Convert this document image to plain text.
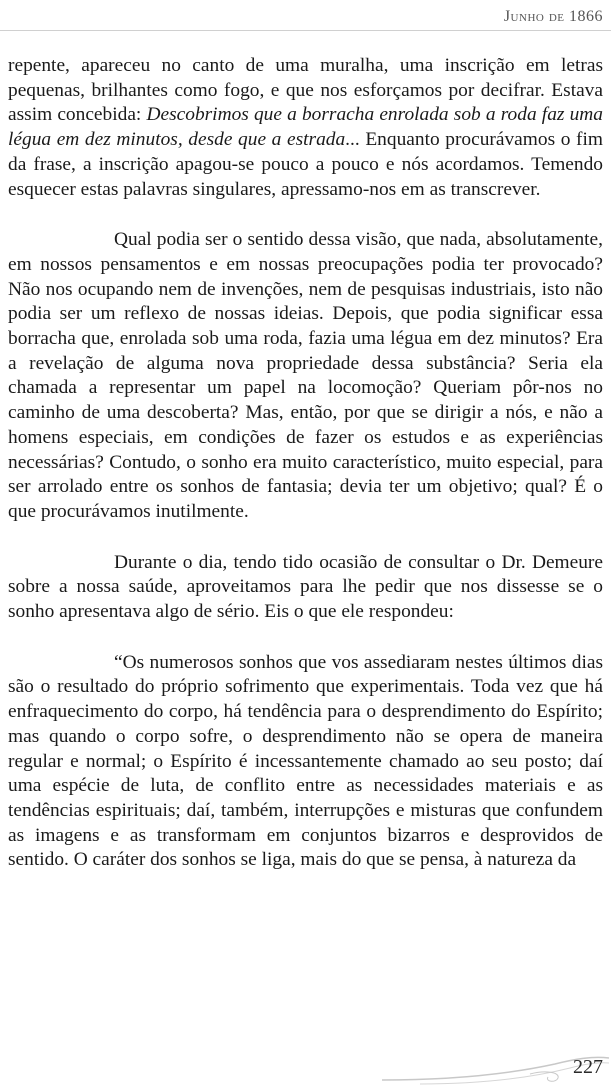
Junho de 1866

repente, apareceu no canto de uma muralha, uma inscrição em letras pequenas, brilhantes como fogo, e que nos esforçamos por decifrar. Estava assim concebida: Descobrimos que a borracha enrolada sob a roda faz uma légua em dez minutos, desde que a estrada... Enquanto procurávamos o fim da frase, a inscrição apagou-se pouco a pouco e nós acordamos. Temendo esquecer estas palavras singulares, apressamo-nos em as transcrever.

Qual podia ser o sentido dessa visão, que nada, absolutamente, em nossos pensamentos e em nossas preocupações podia ter provocado? Não nos ocupando nem de invenções, nem de pesquisas industriais, isto não podia ser um reflexo de nossas ideias. Depois, que podia significar essa borracha que, enrolada sob uma roda, fazia uma légua em dez minutos? Era a revelação de alguma nova propriedade dessa substância? Seria ela chamada a representar um papel na locomoção? Queriam pôr-nos no caminho de uma descoberta? Mas, então, por que se dirigir a nós, e não a homens especiais, em condições de fazer os estudos e as experiências necessárias? Contudo, o sonho era muito característico, muito especial, para ser arrolado entre os sonhos de fantasia; devia ter um objetivo; qual? É o que procurávamos inutilmente.

Durante o dia, tendo tido ocasião de consultar o Dr. Demeure sobre a nossa saúde, aproveitamos para lhe pedir que nos dissesse se o sonho apresentava algo de sério. Eis o que ele respondeu:

“Os numerosos sonhos que vos assediaram nestes últimos dias são o resultado do próprio sofrimento que experimentais. Toda vez que há enfraquecimento do corpo, há tendência para o desprendimento do Espírito; mas quando o corpo sofre, o desprendimento não se opera de maneira regular e normal; o Espírito é incessantemente chamado ao seu posto; daí uma espécie de luta, de conflito entre as necessidades materiais e as tendências espirituais; daí, também, interrupções e misturas que confundem as imagens e as transformam em conjuntos bizarros e desprovidos de sentido. O caráter dos sonhos se liga, mais do que se pensa, à natureza da

227
